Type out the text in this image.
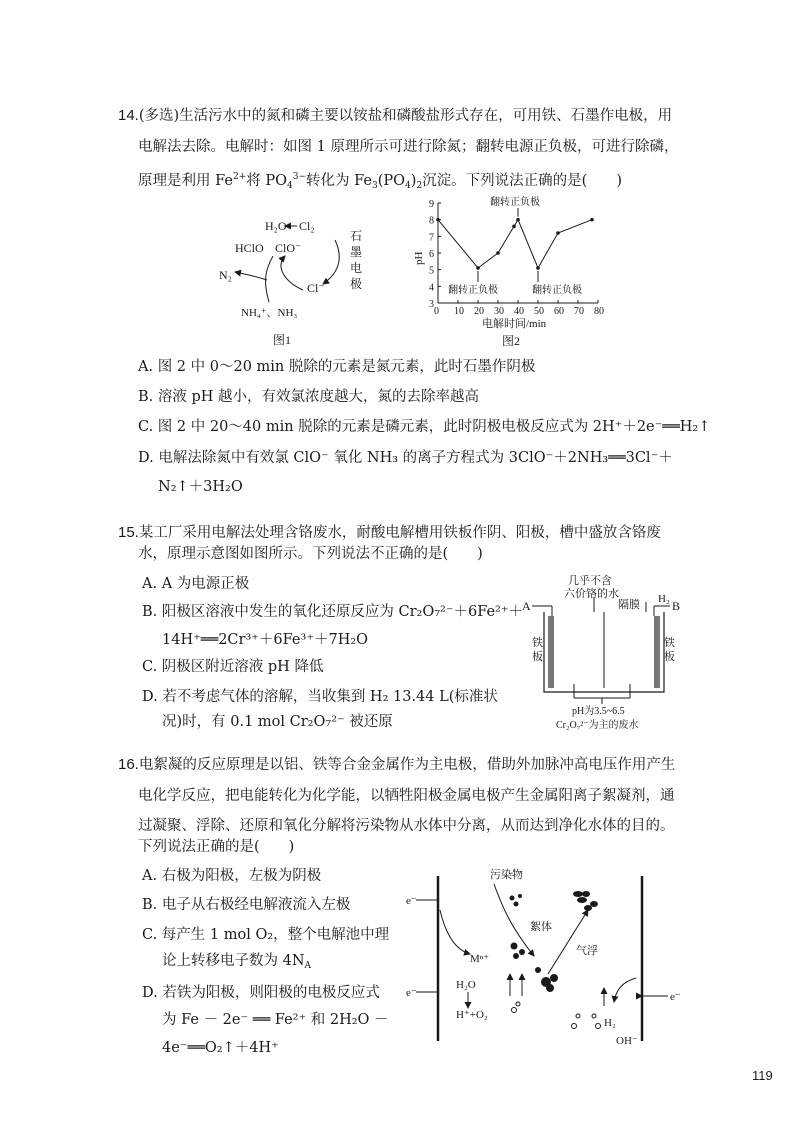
14.(多选)生活污水中的氮和磷主要以铵盐和磷酸盐形式存在，可用铁、石墨作电极，用
电解法去除。电解时：如图 1 原理所示可进行除氮；翻转电源正负极，可进行除磷，
原理是利用 $Fe^{2+}$将 $PO_4^{3-}$转化为 $Fe_3(PO_4)_2$沉淀。下列说法正确的是(　　)
H₂O Cl₂
HClO ClO⁻
N₂
Cl⁻
NH₄⁺、NH₃
石
墨
电
极
图1
0 10 20 30 40 50 60 70 80
3
4
5
6
7
8
9	翻转正负极
翻转正负极	翻转正负极
pH
电解时间/min
图2
A. 图 2 中 0～20 min 脱除的元素是氮元素，此时石墨作阴极
B. 溶液 pH 越小，有效氯浓度越大，氮的去除率越高
C. 图 2 中 20～40 min 脱除的元素是磷元素，此时阴极电极反应式为 2H⁺＋2e⁻══H₂↑
D. 电解法除氮中有效氯 ClO⁻ 氧化 NH₃ 的离子方程式为 3ClO⁻＋2NH₃══3Cl⁻＋
N₂↑＋3H₂O
15.某工厂采用电解法处理含铬废水，耐酸电解槽用铁板作阴、阳极，槽中盛放含铬废
水，原理示意图如图所示。下列说法不正确的是(　　)
A. A 为电源正极
B. 阳极区溶液中发生的氧化还原反应为 Cr₂O₇²⁻＋6Fe²⁺＋
14H⁺══2Cr³⁺＋6Fe³⁺＋7H₂O
C. 阴极区附近溶液 pH 降低
D. 若不考虑气体的溶解，当收集到 H₂ 13.44 L(标准状
况)时，有 0.1 mol Cr₂O₇²⁻ 被还原
几乎不含
六价铬的水
隔膜 H₂
A	B
铁
板
铁
板
pH为3.5~6.5
Cr₂O₇²⁻为主的废水
16.电絮凝的反应原理是以铝、铁等合金金属作为主电极，借助外加脉冲高电压作用产生
电化学反应，把电能转化为化学能，以牺牲阳极金属电极产生金属阳离子絮凝剂，通
过凝聚、浮除、还原和氧化分解将污染物从水体中分离，从而达到净化水体的目的。
下列说法正确的是(　　)
A. 右极为阳极，左极为阴极
B. 电子从右极经电解液流入左极
C. 每产生 1 mol O₂，整个电解池中理
论上转移电子数为 $4N_A$
D. 若铁为阳极，则阳极的电极反应式
为 Fe － 2e⁻ ══ Fe²⁺ 和 2H₂O －
4e⁻══O₂↑＋4H⁺
e⁻
e⁻	e⁻
污染物
絮体
气浮
Mⁿ⁺
H₂O
H⁺+O₂
H₂
OH⁻
119
